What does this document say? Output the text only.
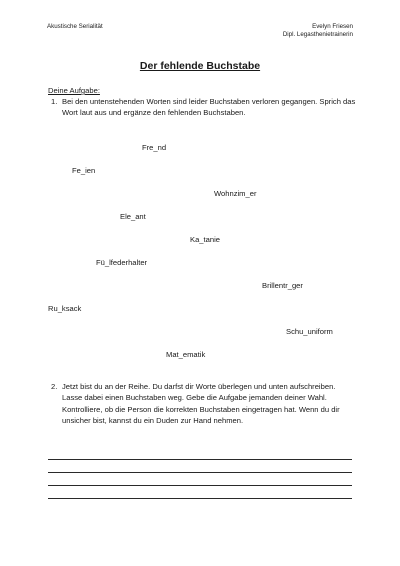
Akustische Serialität	Evelyn Friesen
Dipl. Legasthenietrainerin
Der fehlende Buchstabe
Deine Aufgabe:
1. Bei den untenstehenden Worten sind leider Buchstaben verloren gegangen. Sprich das Wort laut aus und ergänze den fehlenden Buchstaben.
Fre_nd
Fe_ien
Wohnzim_er
Ele_ant
Ka_tanie
Fü_lfederhalter
Brillentr_ger
Ru_ksack
Schu_uniform
Mat_ematik
2. Jetzt bist du an der Reihe. Du darfst dir Worte überlegen und unten aufschreiben. Lasse dabei einen Buchstaben weg. Gebe die Aufgabe jemanden deiner Wahl. Kontrolliere, ob die Person die korrekten Buchstaben eingetragen hat. Wenn du dir unsicher bist, kannst du ein Duden zur Hand nehmen.
